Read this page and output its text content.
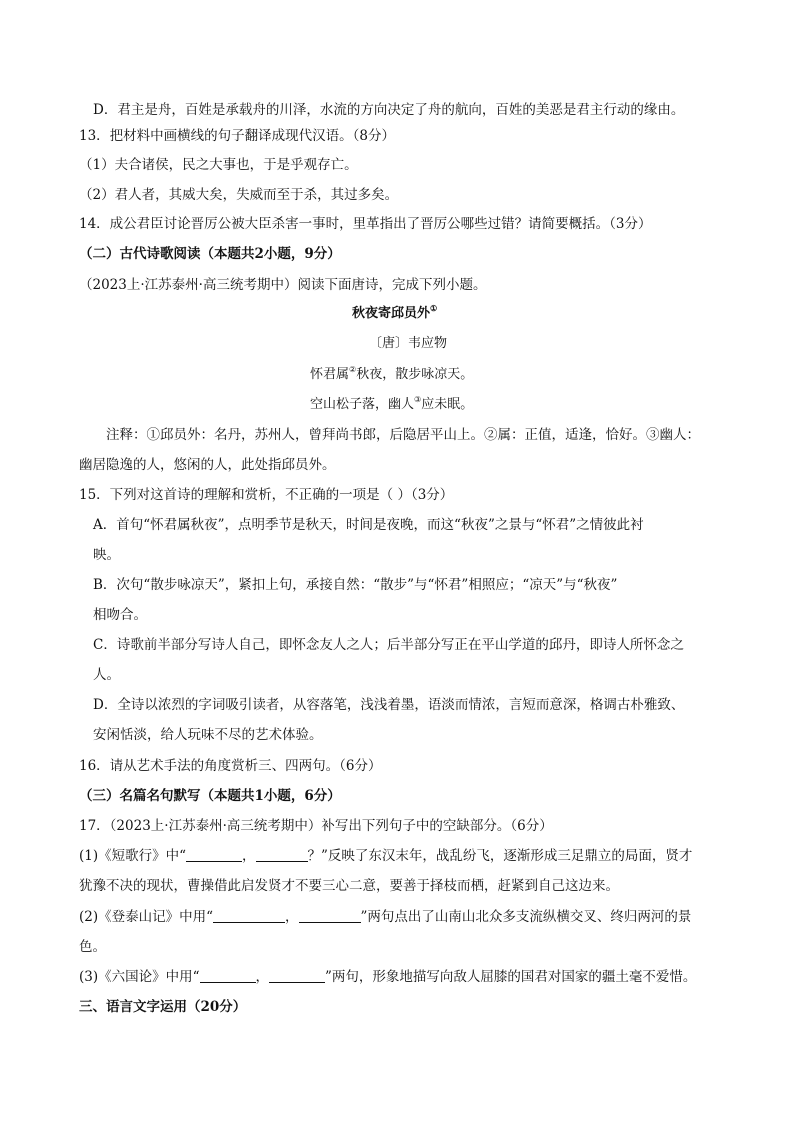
D．君主是舟，百姓是承载舟的川泽，水流的方向决定了舟的航向，百姓的美恶是君主行动的缘由。
13．把材料中画横线的句子翻译成现代汉语。（8分）
（1）夫合诸侯，民之大事也，于是乎观存亡。
（2）君人者，其威大矣，失威而至于杀，其过多矣。
14．成公君臣讨论晋厉公被大臣杀害一事时，里革指出了晋厉公哪些过错？请简要概括。（3分）
（二）古代诗歌阅读（本题共2小题，9分）
（2023上·江苏泰州·高三统考期中）阅读下面唐诗，完成下列小题。
秋夜寄邱员外①
〔唐〕韦应物
怀君属②秋夜，散步咏凉天。
空山松子落，幽人③应未眠。
注释：①邱员外：名丹，苏州人，曾拜尚书郎，后隐居平山上。②属：正值，适逢，恰好。③幽人：
幽居隐逸的人，悠闲的人，此处指邱员外。
15．下列对这首诗的理解和赏析，不正确的一项是（ ）（3分）
A．首句“怀君属秋夜”，点明季节是秋天，时间是夜晚，而这“秋夜”之景与“怀君”之情彼此衬
映。
B．次句“散步咏凉天”，紧扣上句，承接自然：“散步”与“怀君”相照应；“凉天”与“秋夜”
相吻合。
C．诗歌前半部分写诗人自己，即怀念友人之人；后半部分写正在平山学道的邱丹，即诗人所怀念之
人。
D．全诗以浓烈的字词吸引读者，从容落笔，浅浅着墨，语淡而情浓，言短而意深，格调古朴雅致、
安闲恬淡，给人玩味不尽的艺术体验。
16．请从艺术手法的角度赏析三、四两句。（6分）
（三）名篇名句默写（本题共1小题，6分）
17．（2023上·江苏泰州·高三统考期中）补写出下列句子中的空缺部分。（6分）
(1)《短歌行》中“	，	？”反映了东汉末年，战乱纷飞，逐渐形成三足鼎立的局面，贤才
犹豫不决的现状，曹操借此启发贤才不要三心二意，要善于择枝而栖，赶紧到自己这边来。
(2)《登泰山记》中用“	，	”两句点出了山南山北众多支流纵横交叉、终归两河的景
色。
(3)《六国论》中用“	，	”两句，形象地描写向敌人屈膝的国君对国家的疆土毫不爱惜。
三、语言文字运用（20分）
